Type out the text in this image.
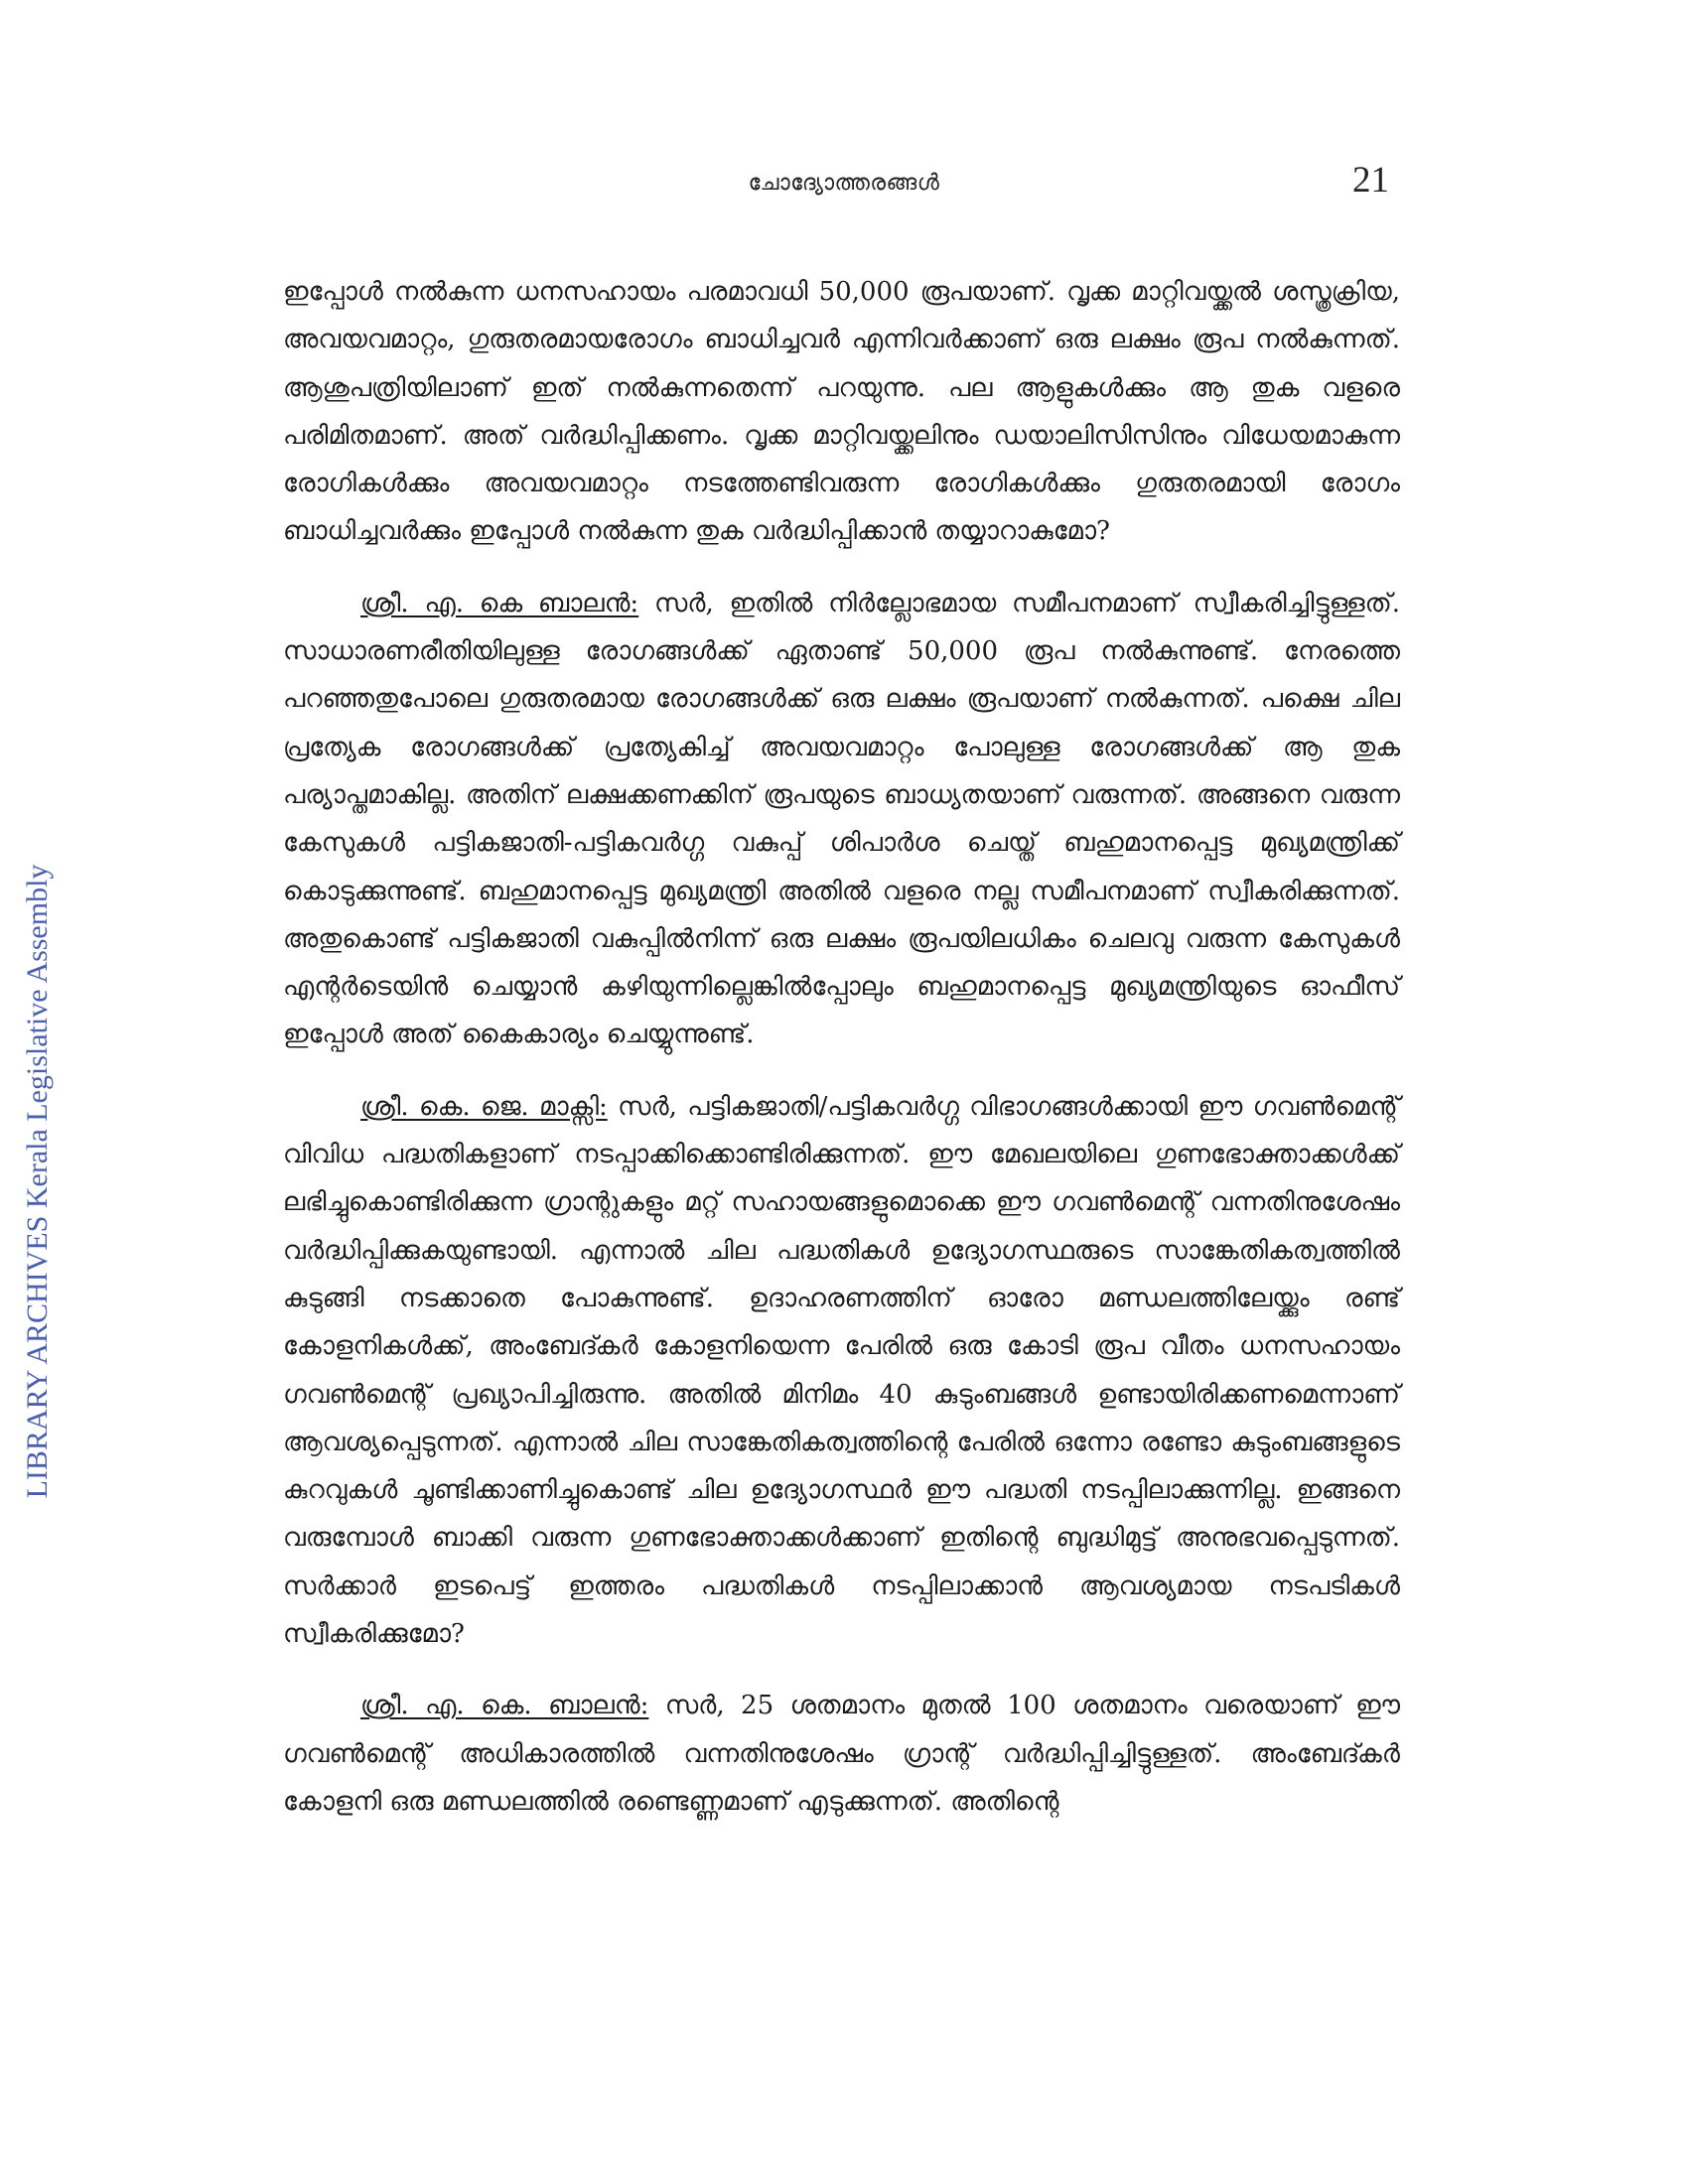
ചോദ്യോത്തരങ്ങൾ	21
LIBRARY ARCHIVES Kerala Legislative Assembly

ഇപ്പോൾ നൽകുന്ന ധനസഹായം പരമാവധി 50,000 രൂപയാണ്. വൃക്ക മാറ്റിവയ്ക്കൽ ശസ്ത്രക്രിയ, അവയവമാറ്റം, ഗുരുതരമായരോഗം ബാധിച്ചവർ എന്നിവർക്കാണ് ഒരു ലക്ഷം രൂപ നൽകുന്നത്. ആശുപത്രിയിലാണ് ഇത് നൽകുന്നതെന്ന് പറയുന്നു. പല ആളുകൾക്കും ആ തുക വളരെ പരിമിതമാണ്. അത് വർദ്ധിപ്പിക്കണം. വൃക്ക മാറ്റിവയ്ക്കലിനും ഡയാലിസിസിനും വിധേയമാകുന്ന രോഗികൾക്കും അവയവമാറ്റം നടത്തേണ്ടിവരുന്ന രോഗികൾക്കും ഗുരുതരമായി രോഗം ബാധിച്ചവർക്കും ഇപ്പോൾ നൽകുന്ന തുക വർദ്ധിപ്പിക്കാൻ തയ്യാറാകുമോ?

ശ്രീ. എ. കെ ബാലൻ: സർ, ഇതിൽ നിർല്ലോഭമായ സമീപനമാണ് സ്വീകരിച്ചിട്ടുള്ളത്. സാധാരണരീതിയിലുള്ള രോഗങ്ങൾക്ക് ഏതാണ്ട് 50,000 രൂപ നൽകുന്നുണ്ട്. നേരത്തെ പറഞ്ഞതുപോലെ ഗുരുതരമായ രോഗങ്ങൾക്ക് ഒരു ലക്ഷം രൂപയാണ് നൽകുന്നത്. പക്ഷെ ചില പ്രത്യേക രോഗങ്ങൾക്ക് പ്രത്യേകിച്ച് അവയവമാറ്റം പോലുള്ള രോഗങ്ങൾക്ക് ആ തുക പര്യാപ്തമാകില്ല. അതിന് ലക്ഷക്കണക്കിന് രൂപയുടെ ബാധ്യതയാണ് വരുന്നത്. അങ്ങനെ വരുന്ന കേസുകൾ പട്ടികജാതി-പട്ടികവർഗ്ഗ വകുപ്പ് ശിപാർശ ചെയ്ത് ബഹുമാനപ്പെട്ട മുഖ്യമന്ത്രിക്ക് കൊടുക്കുന്നുണ്ട്. ബഹുമാനപ്പെട്ട മുഖ്യമന്ത്രി അതിൽ വളരെ നല്ല സമീപനമാണ് സ്വീകരിക്കുന്നത്. അതുകൊണ്ട് പട്ടികജാതി വകുപ്പിൽനിന്ന് ഒരു ലക്ഷം രൂപയിലധികം ചെലവു വരുന്ന കേസുകൾ എന്റർടെയിൻ ചെയ്യാൻ കഴിയുന്നില്ലെങ്കിൽപ്പോലും ബഹുമാനപ്പെട്ട മുഖ്യമന്ത്രിയുടെ ഓഫീസ് ഇപ്പോൾ അത് കൈകാര്യം ചെയ്യുന്നുണ്ട്.

ശ്രീ. കെ. ജെ. മാക്സി: സർ, പട്ടികജാതി/പട്ടികവർഗ്ഗ വിഭാഗങ്ങൾക്കായി ഈ ഗവൺമെന്റ് വിവിധ പദ്ധതികളാണ് നടപ്പാക്കിക്കൊണ്ടിരിക്കുന്നത്. ഈ മേഖലയിലെ ഗുണഭോക്താക്കൾക്ക് ലഭിച്ചുകൊണ്ടിരിക്കുന്ന ഗ്രാന്റുകളും മറ്റ് സഹായങ്ങളുമൊക്കെ ഈ ഗവൺമെന്റ് വന്നതിനുശേഷം വർദ്ധിപ്പിക്കുകയുണ്ടായി. എന്നാൽ ചില പദ്ധതികൾ ഉദ്യോഗസ്ഥരുടെ സാങ്കേതികത്വത്തിൽ കുടുങ്ങി നടക്കാതെ പോകുന്നുണ്ട്. ഉദാഹരണത്തിന് ഓരോ മണ്ഡലത്തിലേയ്ക്കും രണ്ട് കോളനികൾക്ക്, അംബേദ്കർ കോളനിയെന്ന പേരിൽ ഒരു കോടി രൂപ വീതം ധനസഹായം ഗവൺമെന്റ് പ്രഖ്യാപിച്ചിരുന്നു. അതിൽ മിനിമം 40 കുടുംബങ്ങൾ ഉണ്ടായിരിക്കണമെന്നാണ് ആവശ്യപ്പെടുന്നത്. എന്നാൽ ചില സാങ്കേതികത്വത്തിന്റെ പേരിൽ ഒന്നോ രണ്ടോ കുടുംബങ്ങളുടെ കുറവുകൾ ചൂണ്ടിക്കാണിച്ചുകൊണ്ട് ചില ഉദ്യോഗസ്ഥർ ഈ പദ്ധതി നടപ്പിലാക്കുന്നില്ല. ഇങ്ങനെ വരുമ്പോൾ ബാക്കി വരുന്ന ഗുണഭോക്താക്കൾക്കാണ് ഇതിന്റെ ബുദ്ധിമുട്ട് അനുഭവപ്പെടുന്നത്. സർക്കാർ ഇടപെട്ട് ഇത്തരം പദ്ധതികൾ നടപ്പിലാക്കാൻ ആവശ്യമായ നടപടികൾ സ്വീകരിക്കുമോ?

ശ്രീ. എ. കെ. ബാലൻ: സർ, 25 ശതമാനം മുതൽ 100 ശതമാനം വരെയാണ് ഈ ഗവൺമെന്റ് അധികാരത്തിൽ വന്നതിനുശേഷം ഗ്രാന്റ് വർദ്ധിപ്പിച്ചിട്ടുള്ളത്. അംബേദ്കർ കോളനി ഒരു മണ്ഡലത്തിൽ രണ്ടെണ്ണമാണ് എടുക്കുന്നത്. അതിന്റെ
